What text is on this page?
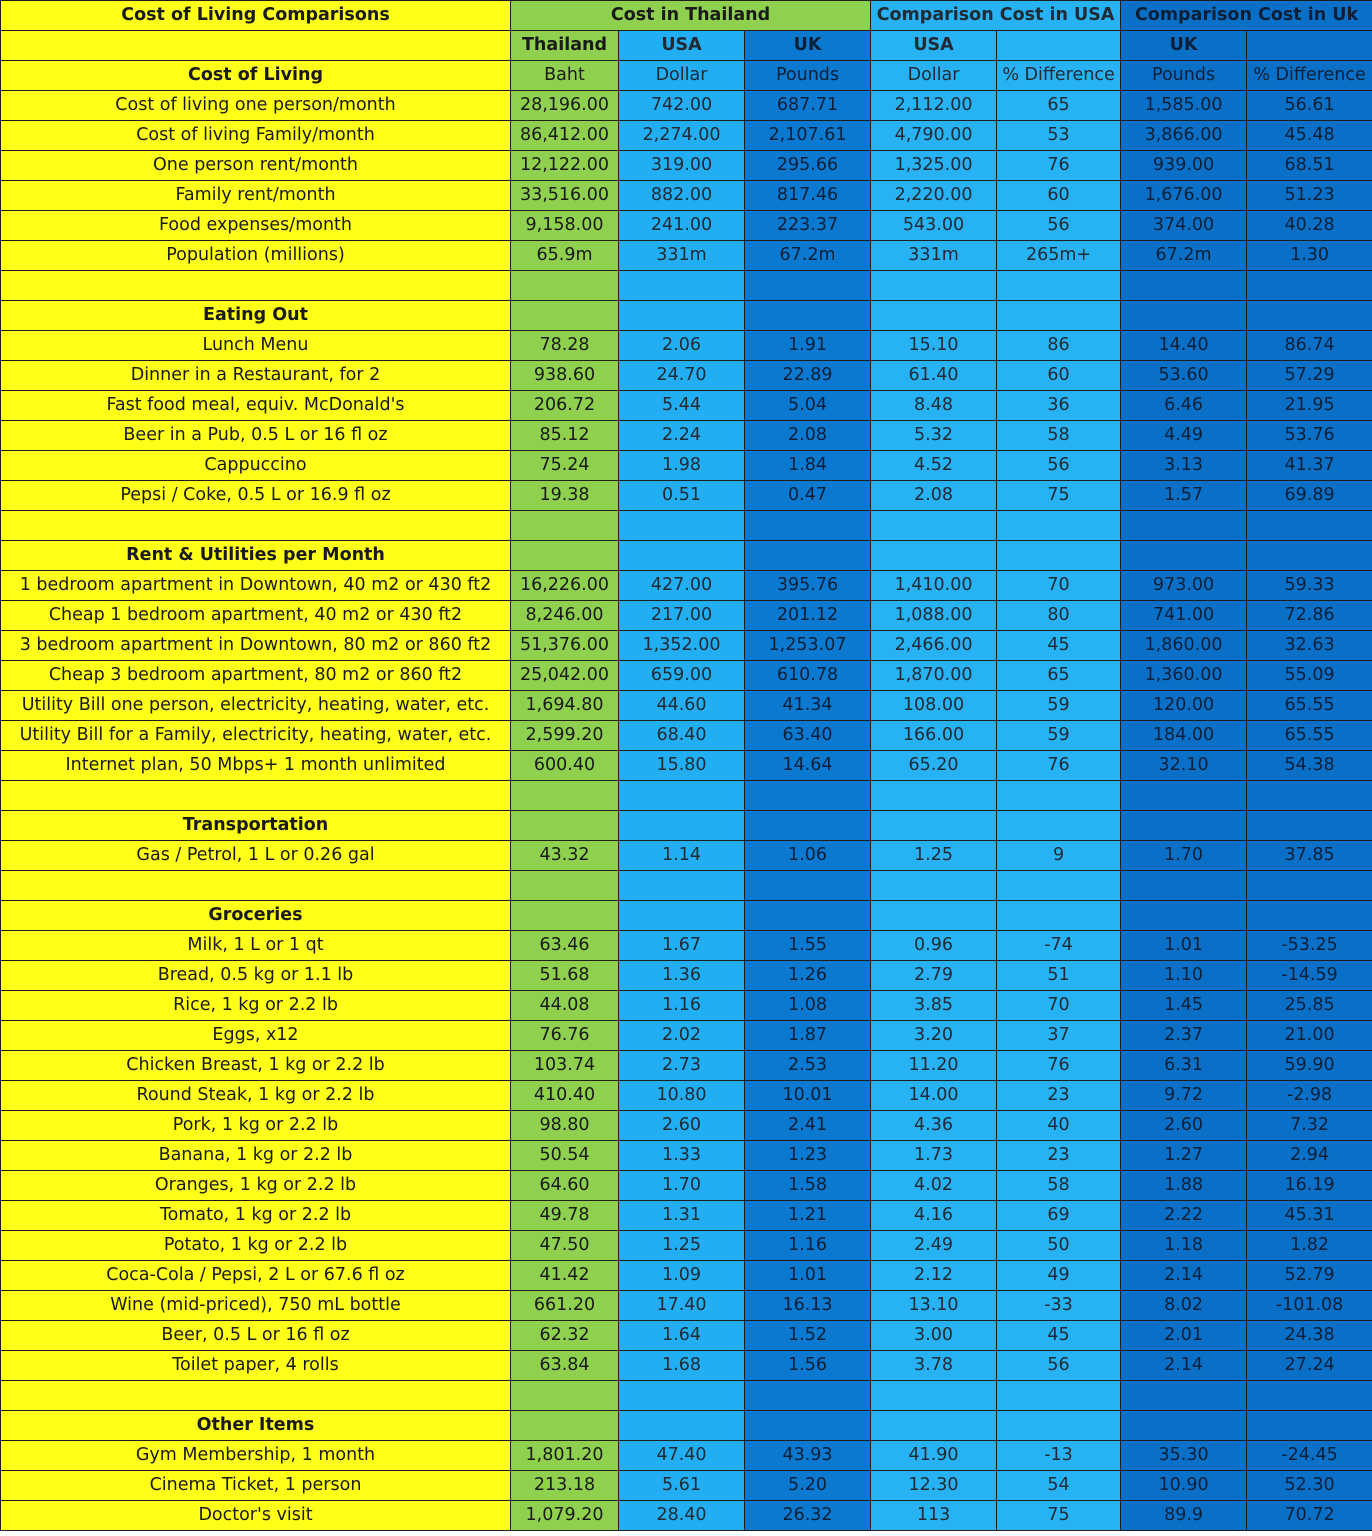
Cost of Living Comparisons	Cost in Thailand			Comparison Cost in USA		Comparison Cost in Uk	
	Thailand	USA	UK	USA		UK	
Cost of Living	Baht	Dollar	Pounds	Dollar	% Difference	Pounds	% Difference
Cost of living one person/month	28,196.00	742.00	687.71	2,112.00	65	1,585.00	56.61
Cost of living Family/month	86,412.00	2,274.00	2,107.61	4,790.00	53	3,866.00	45.48
One person rent/month	12,122.00	319.00	295.66	1,325.00	76	939.00	68.51
Family rent/month	33,516.00	882.00	817.46	2,220.00	60	1,676.00	51.23
Food expenses/month	9,158.00	241.00	223.37	543.00	56	374.00	40.28
Population (millions)	65.9m	331m	67.2m	331m	265m+	67.2m	1.30

Eating Out							
Lunch Menu	78.28	2.06	1.91	15.10	86	14.40	86.74
Dinner in a Restaurant, for 2	938.60	24.70	22.89	61.40	60	53.60	57.29
Fast food meal, equiv. McDonald's	206.72	5.44	5.04	8.48	36	6.46	21.95
Beer in a Pub, 0.5 L or 16 fl oz	85.12	2.24	2.08	5.32	58	4.49	53.76
Cappuccino	75.24	1.98	1.84	4.52	56	3.13	41.37
Pepsi / Coke, 0.5 L or 16.9 fl oz	19.38	0.51	0.47	2.08	75	1.57	69.89

Rent & Utilities per Month							
1 bedroom apartment in Downtown, 40 m2 or 430 ft2	16,226.00	427.00	395.76	1,410.00	70	973.00	59.33
Cheap 1 bedroom apartment, 40 m2 or 430 ft2	8,246.00	217.00	201.12	1,088.00	80	741.00	72.86
3 bedroom apartment in Downtown, 80 m2 or 860 ft2	51,376.00	1,352.00	1,253.07	2,466.00	45	1,860.00	32.63
Cheap 3 bedroom apartment, 80 m2 or 860 ft2	25,042.00	659.00	610.78	1,870.00	65	1,360.00	55.09
Utility Bill one person, electricity, heating, water, etc.	1,694.80	44.60	41.34	108.00	59	120.00	65.55
Utility Bill for a Family, electricity, heating, water, etc.	2,599.20	68.40	63.40	166.00	59	184.00	65.55
Internet plan, 50 Mbps+ 1 month unlimited	600.40	15.80	14.64	65.20	76	32.10	54.38

Transportation							
Gas / Petrol, 1 L or 0.26 gal	43.32	1.14	1.06	1.25	9	1.70	37.85

Groceries							
Milk, 1 L or 1 qt	63.46	1.67	1.55	0.96	-74	1.01	-53.25
Bread, 0.5 kg or 1.1 lb	51.68	1.36	1.26	2.79	51	1.10	-14.59
Rice, 1 kg or 2.2 lb	44.08	1.16	1.08	3.85	70	1.45	25.85
Eggs, x12	76.76	2.02	1.87	3.20	37	2.37	21.00
Chicken Breast, 1 kg or 2.2 lb	103.74	2.73	2.53	11.20	76	6.31	59.90
Round Steak, 1 kg or 2.2 lb	410.40	10.80	10.01	14.00	23	9.72	-2.98
Pork, 1 kg or 2.2 lb	98.80	2.60	2.41	4.36	40	2.60	7.32
Banana, 1 kg or 2.2 lb	50.54	1.33	1.23	1.73	23	1.27	2.94
Oranges, 1 kg or 2.2 lb	64.60	1.70	1.58	4.02	58	1.88	16.19
Tomato, 1 kg or 2.2 lb	49.78	1.31	1.21	4.16	69	2.22	45.31
Potato, 1 kg or 2.2 lb	47.50	1.25	1.16	2.49	50	1.18	1.82
Coca-Cola / Pepsi, 2 L or 67.6 fl oz	41.42	1.09	1.01	2.12	49	2.14	52.79
Wine (mid-priced), 750 mL bottle	661.20	17.40	16.13	13.10	-33	8.02	-101.08
Beer, 0.5 L or 16 fl oz	62.32	1.64	1.52	3.00	45	2.01	24.38
Toilet paper, 4 rolls	63.84	1.68	1.56	3.78	56	2.14	27.24

Other Items							
Gym Membership, 1 month	1,801.20	47.40	43.93	41.90	-13	35.30	-24.45
Cinema Ticket, 1 person	213.18	5.61	5.20	12.30	54	10.90	52.30
Doctor's visit	1,079.20	28.40	26.32	113	75	89.9	70.72
